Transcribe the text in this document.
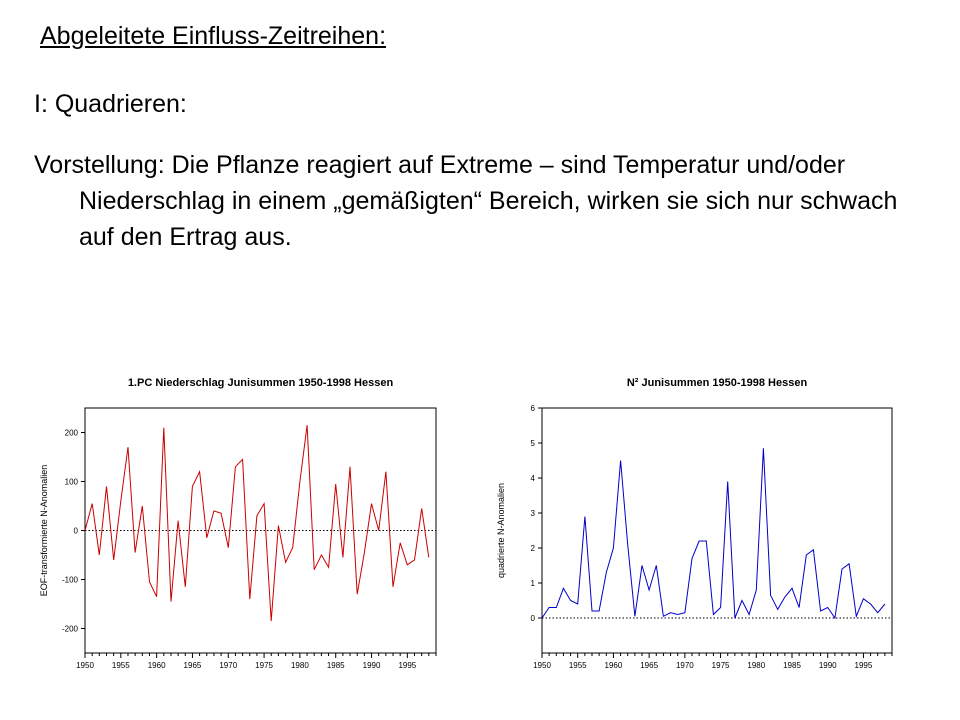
Abgeleitete Einfluss-Zeitreihen:
I: Quadrieren:
Vorstellung: Die Pflanze reagiert auf Extreme – sind Temperatur und/oder Niederschlag in einem „gemäßigten“ Bereich, wirken sie sich nur schwach auf den Ertrag aus.
1.PC Niederschlag Junisummen 1950-1998 Hessen
-200
-100
0
100
200
1950 1955 1960 1965 1970 1975 1980 1985 1990 1995
EOF-transformierte N-Anomalien
N² Junisummen 1950-1998 Hessen
0
1
2
3
4
5
6
1950 1955 1960 1965 1970 1975 1980 1985 1990 1995
quadrierte N-Anomalien
